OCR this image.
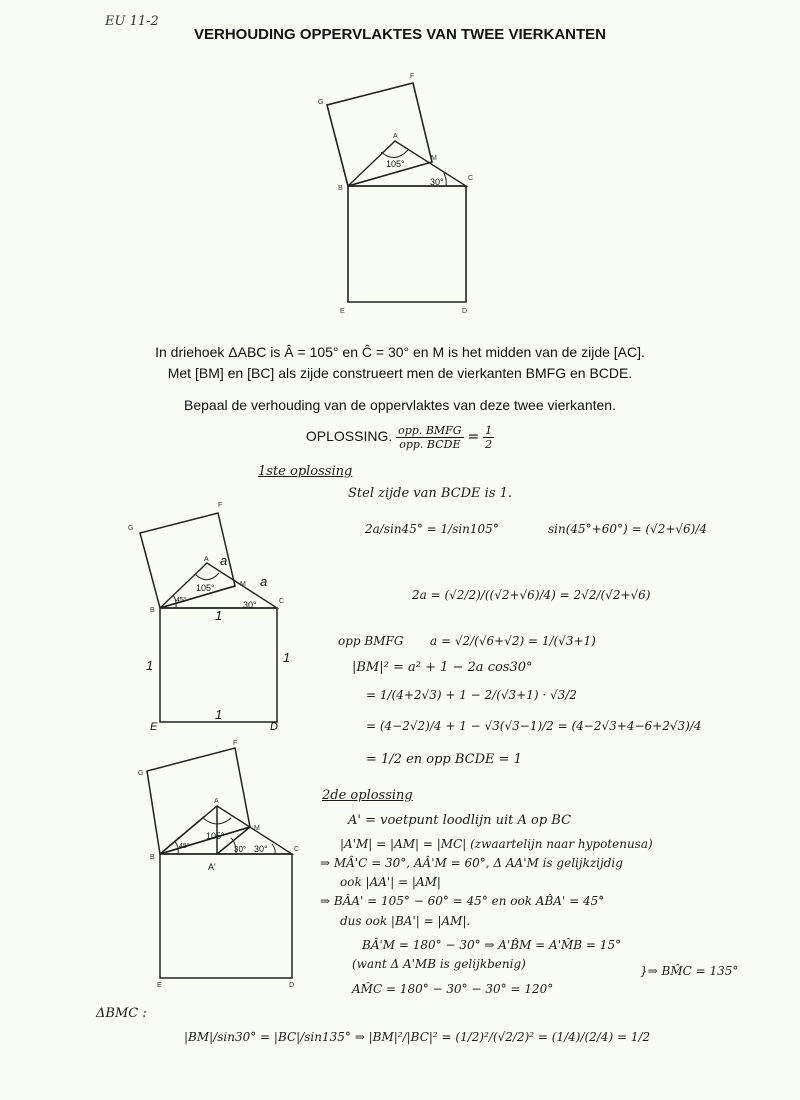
EU 11-2
VERHOUDING OPPERVLAKTES VAN TWEE VIERKANTEN
A
B
C
D
E
F
G
M
105°
30°
In driehoek ΔABC is Â = 105° en Ĉ = 30° en M is het midden van de zijde [AC].
Met [BM] en [BC] als zijde construeert men de vierkanten BMFG en BCDE.
Bepaal de verhouding van de oppervlaktes van deze twee vierkanten.
OPLOSSING. $\frac{\text{opp. BMFG}}{\text{opp. BCDE}} = \frac{1}{2}$
A
B
C
F
G
M
105°
30°
45°
1
1
1
1
a
a
E	D
A
B
C
D
E
F
G
M
105°
30°
30°
45°
A'
1ste oplossing
Stel zijde van BCDE is 1.
2a/sin45° = 1/sin105°	sin(45°+60°) = (√2+√6)/4
2a = (√2/2)/((√2+√6)/4) = 2√2/(√2+√6)
opp BMFG a = √2/(√6+√2) = 1/(√3+1)
|BM|² = a² + 1 − 2a cos30°
= 1/(4+2√3) + 1 − 2/(√3+1) · √3/2
= (4−2√2)/4 + 1 − √3(√3−1)/2 = (4−2√3+4−6+2√3)/4
= 1/2 en opp BCDE = 1
2de oplossing
A' = voetpunt loodlijn uit A op BC
|A'M| = |AM| = |MC| (zwaartelijn naar hypotenusa)
⇒ MÂ'C = 30°, AÂ'M = 60°, Δ AA'M is gelijkzijdig
ook |AA'| = |AM|
⇒ BÂA' = 105° − 60° = 45° en ook AB̂A' = 45°
dus ook |BA'| = |AM|.
BÂ'M = 180° − 30° ⇒ A'B̂M = A'M̂B = 15°
(want Δ A'MB is gelijkbenig)	}⇒ BM̂C = 135°
AM̂C = 180° − 30° − 30° = 120°
ΔBMC :
|BM|/sin30° = |BC|/sin135° ⇒ |BM|²/|BC|² = (1/2)²/(√2/2)² = (1/4)/(2/4) = 1/2
